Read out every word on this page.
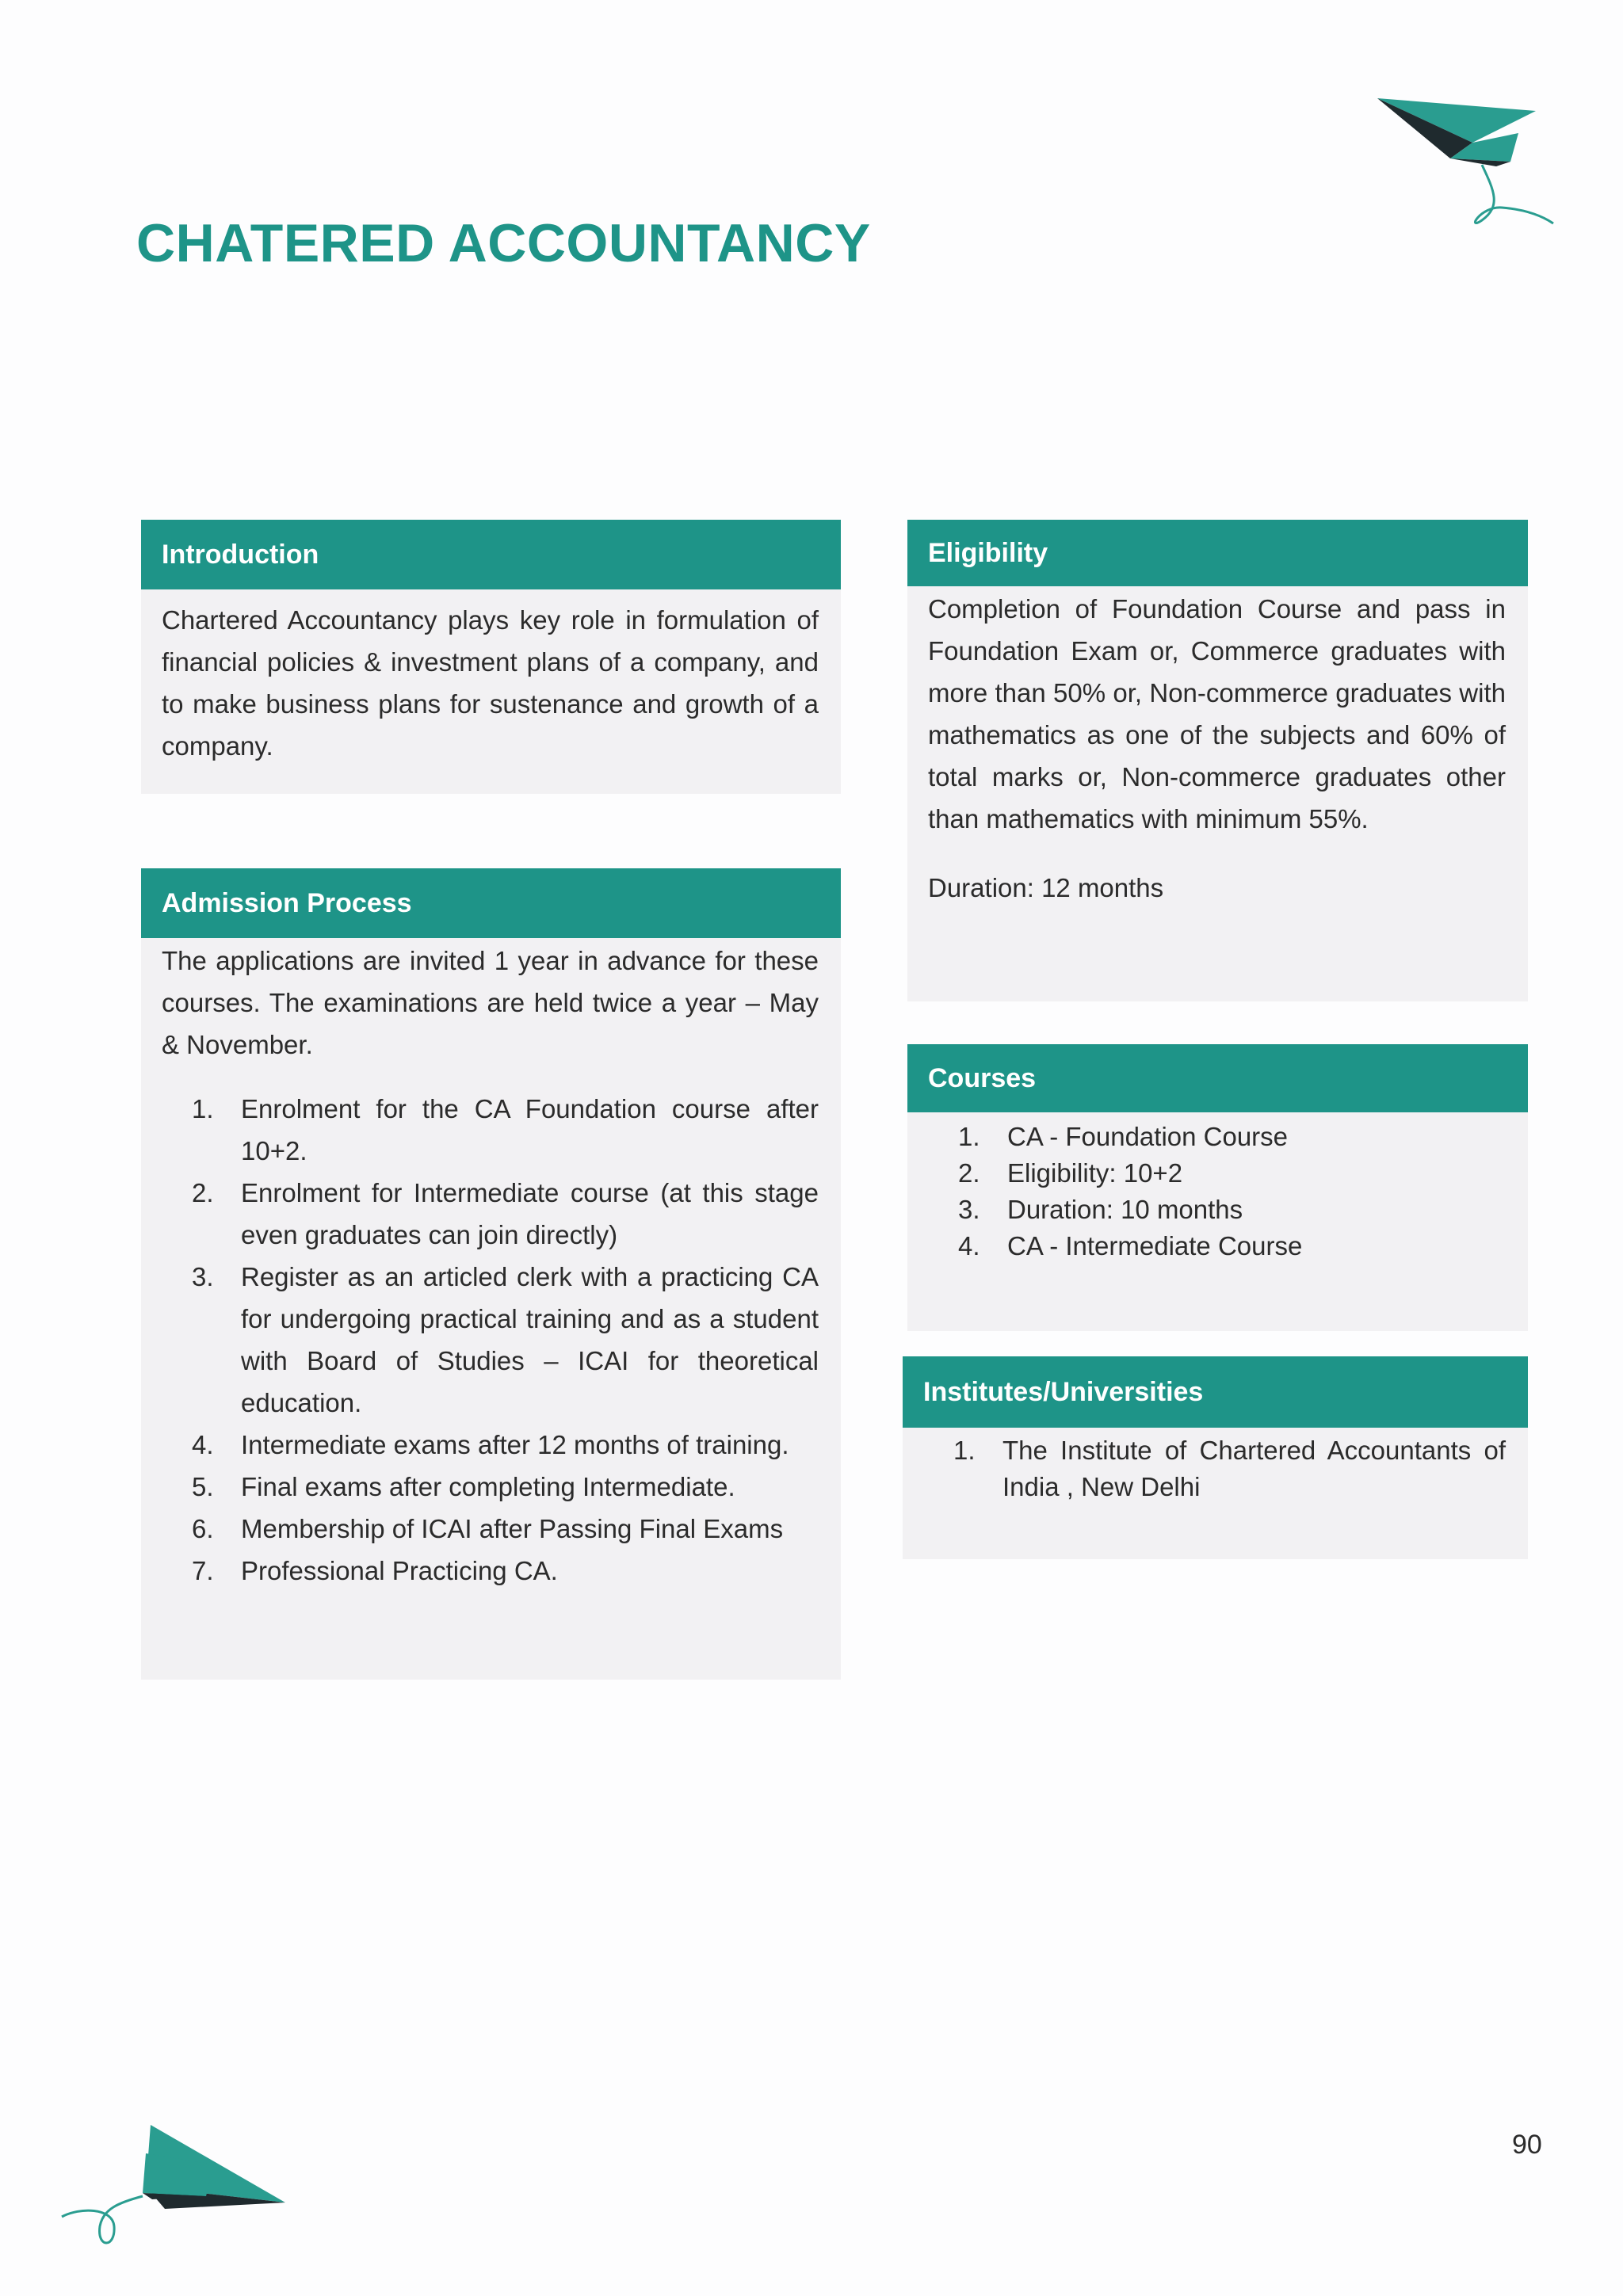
CHATERED ACCOUNTANCY
Introduction

Chartered Accountancy plays key role in formulation of financial policies & investment plans of a company, and to make business plans for sustenance and growth of a company.

Admission Process

The applications are invited 1 year in advance for these courses. The examinations are held twice a year – May & November.

1. Enrolment for the CA Foundation course after 10+2.
2. Enrolment for Intermediate course (at this stage even graduates can join directly)
3. Register as an articled clerk with a practicing CA for undergoing practical training and as a student with Board of Studies – ICAI for theoretical education.
4. Intermediate exams after 12 months of training.
5. Final exams after completing Intermediate.
6. Membership of ICAI after Passing Final Exams
7. Professional Practicing CA.
Eligibility

Completion of Foundation Course and pass in Foundation Exam or, Commerce graduates with more than 50% or, Non-commerce graduates with mathematics as one of the subjects and 60% of total marks or, Non-commerce graduates other than mathematics with minimum 55%.

Duration: 12 months

Courses
1. CA - Foundation Course
2. Eligibility: 10+2
3. Duration: 10 months
4. CA - Intermediate Course
Institutes/Universities
1. The Institute of Chartered Accountants of India , New Delhi
90
